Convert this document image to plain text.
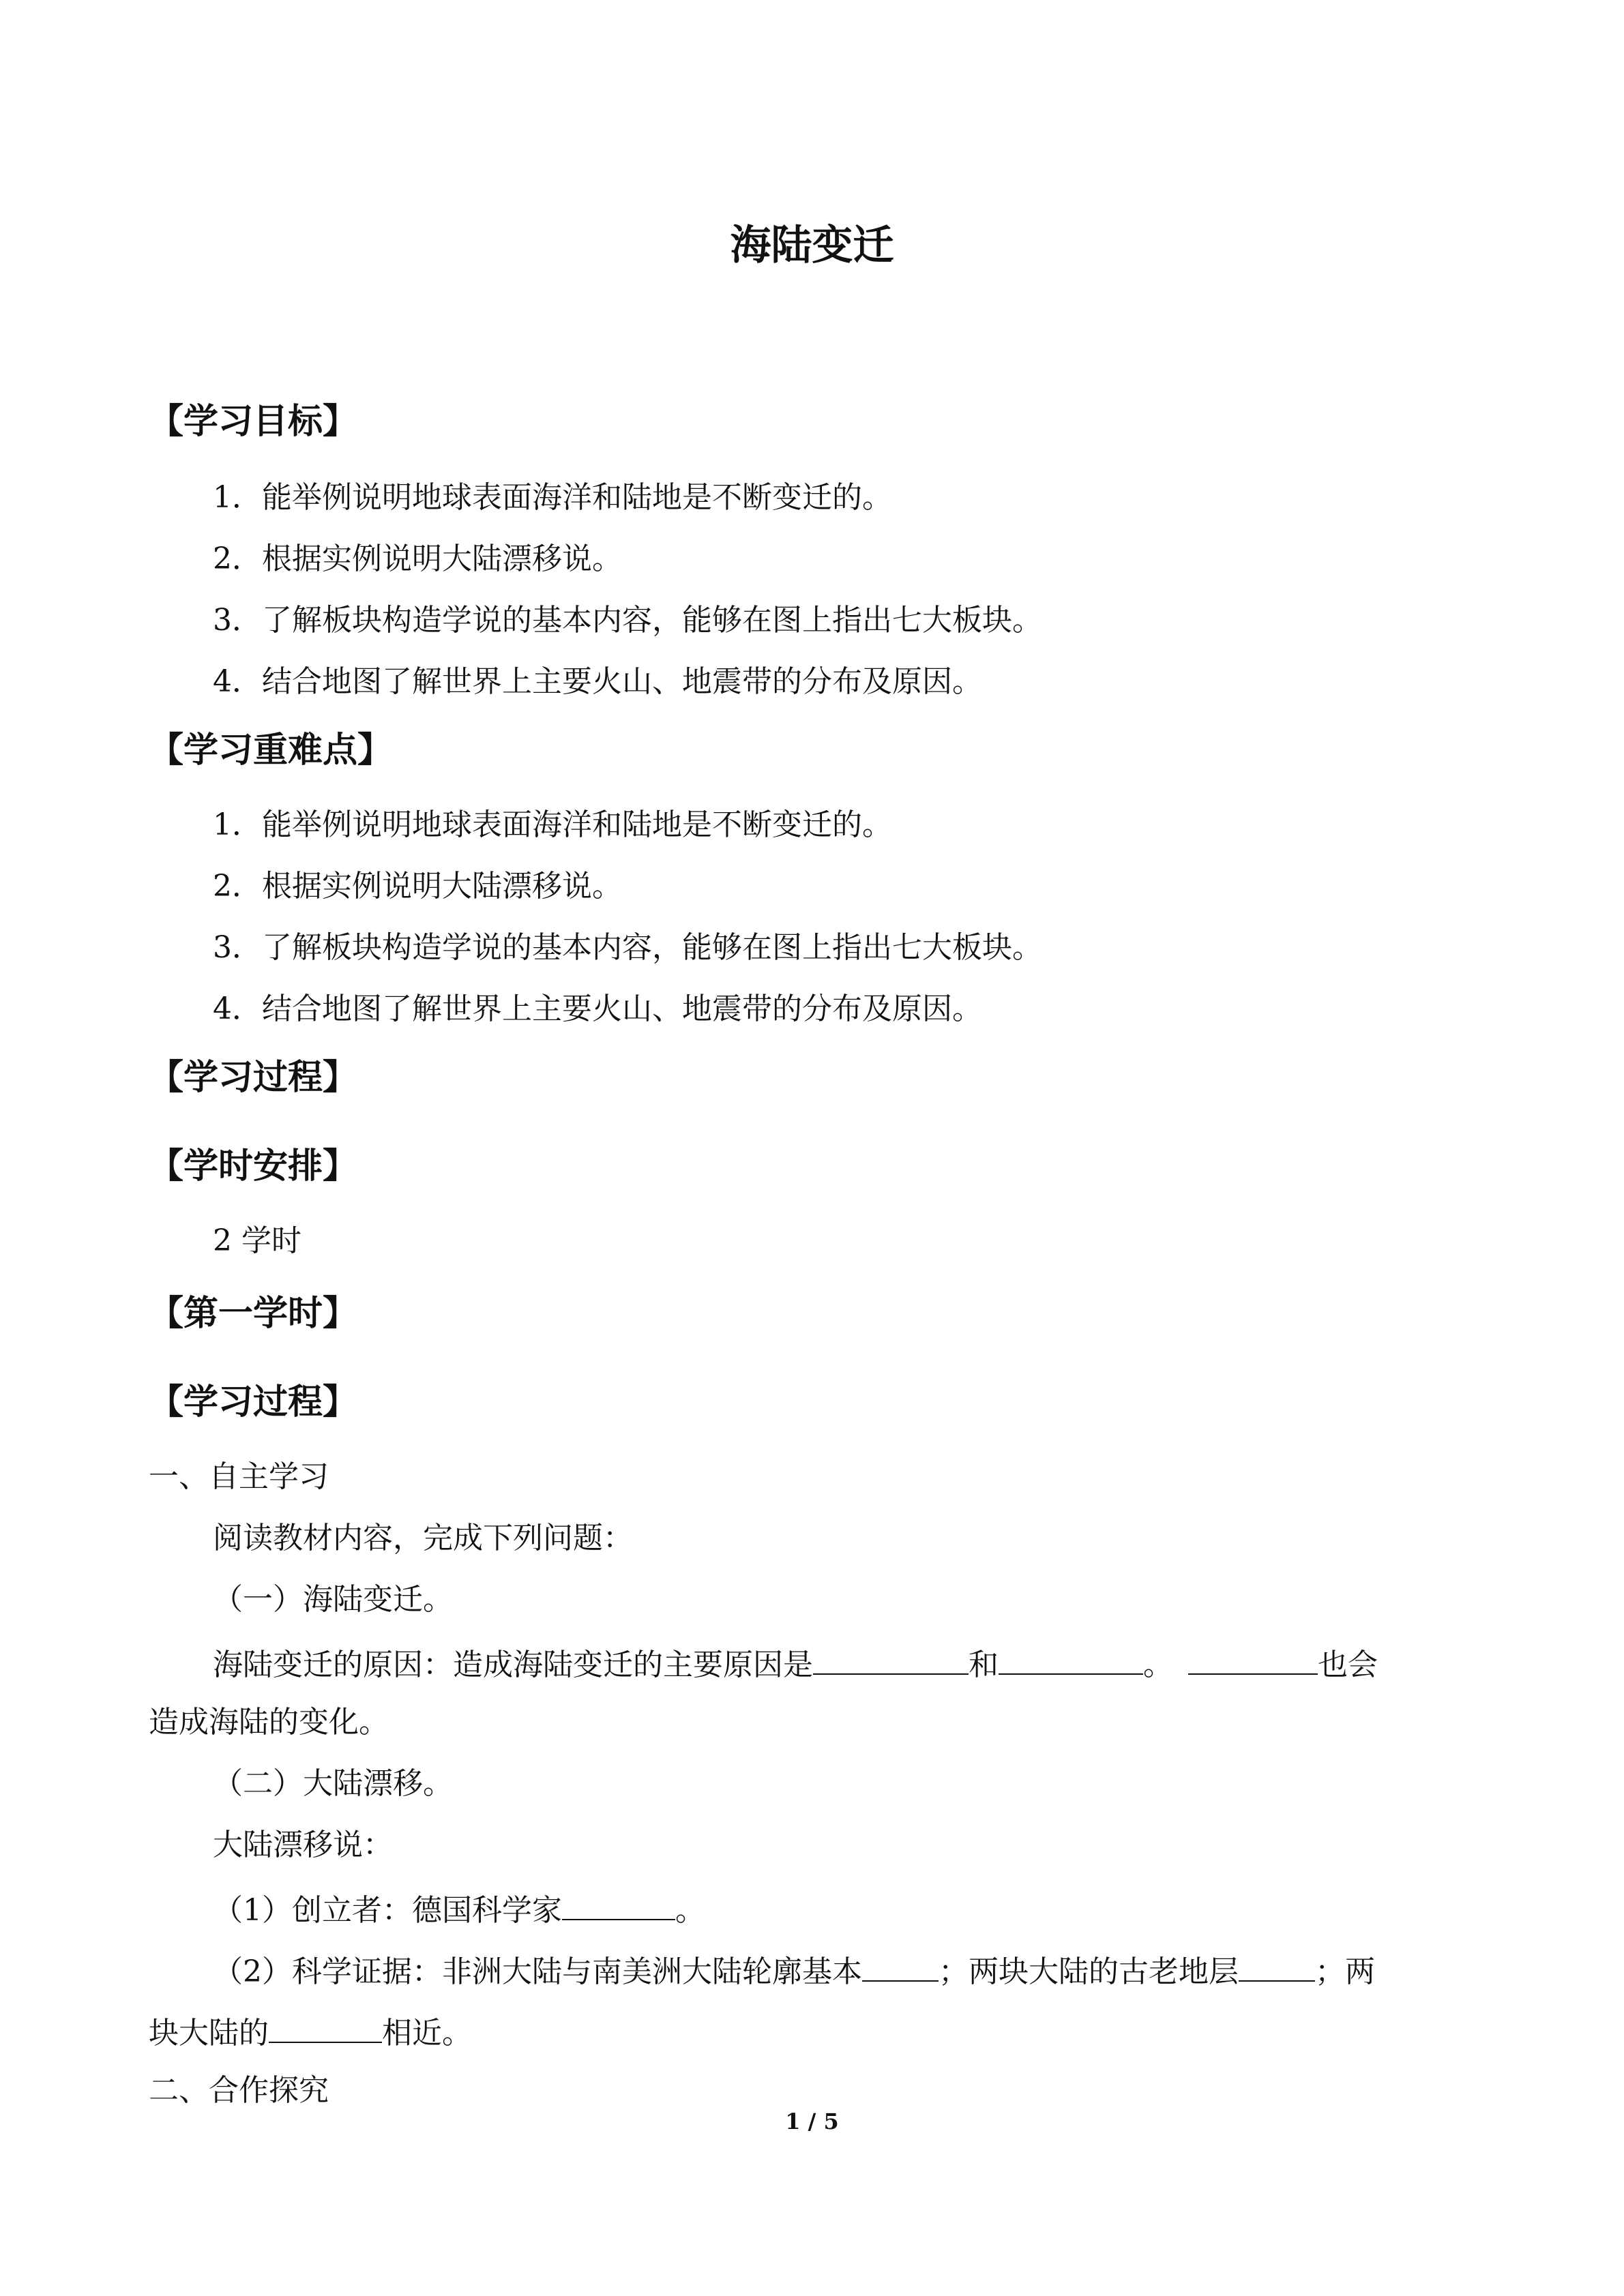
海陆变迁
【学习目标】
1．能举例说明地球表面海洋和陆地是不断变迁的。
2．根据实例说明大陆漂移说。
3．了解板块构造学说的基本内容，能够在图上指出七大板块。
4．结合地图了解世界上主要火山、地震带的分布及原因。
【学习重难点】
1．能举例说明地球表面海洋和陆地是不断变迁的。
2．根据实例说明大陆漂移说。
3．了解板块构造学说的基本内容，能够在图上指出七大板块。
4．结合地图了解世界上主要火山、地震带的分布及原因。
【学习过程】
【学时安排】
2 学时
【第一学时】
【学习过程】
一、自主学习
阅读教材内容，完成下列问题：
（一）海陆变迁。
海陆变迁的原因：造成海陆变迁的主要原因是	和	。	也会
造成海陆的变化。
（二）大陆漂移。
大陆漂移说：
（1）创立者：德国科学家	。
（2）科学证据：非洲大陆与南美洲大陆轮廓基本	；两块大陆的古老地层	；两
块大陆的	相近。
二、合作探究
1 / 5
